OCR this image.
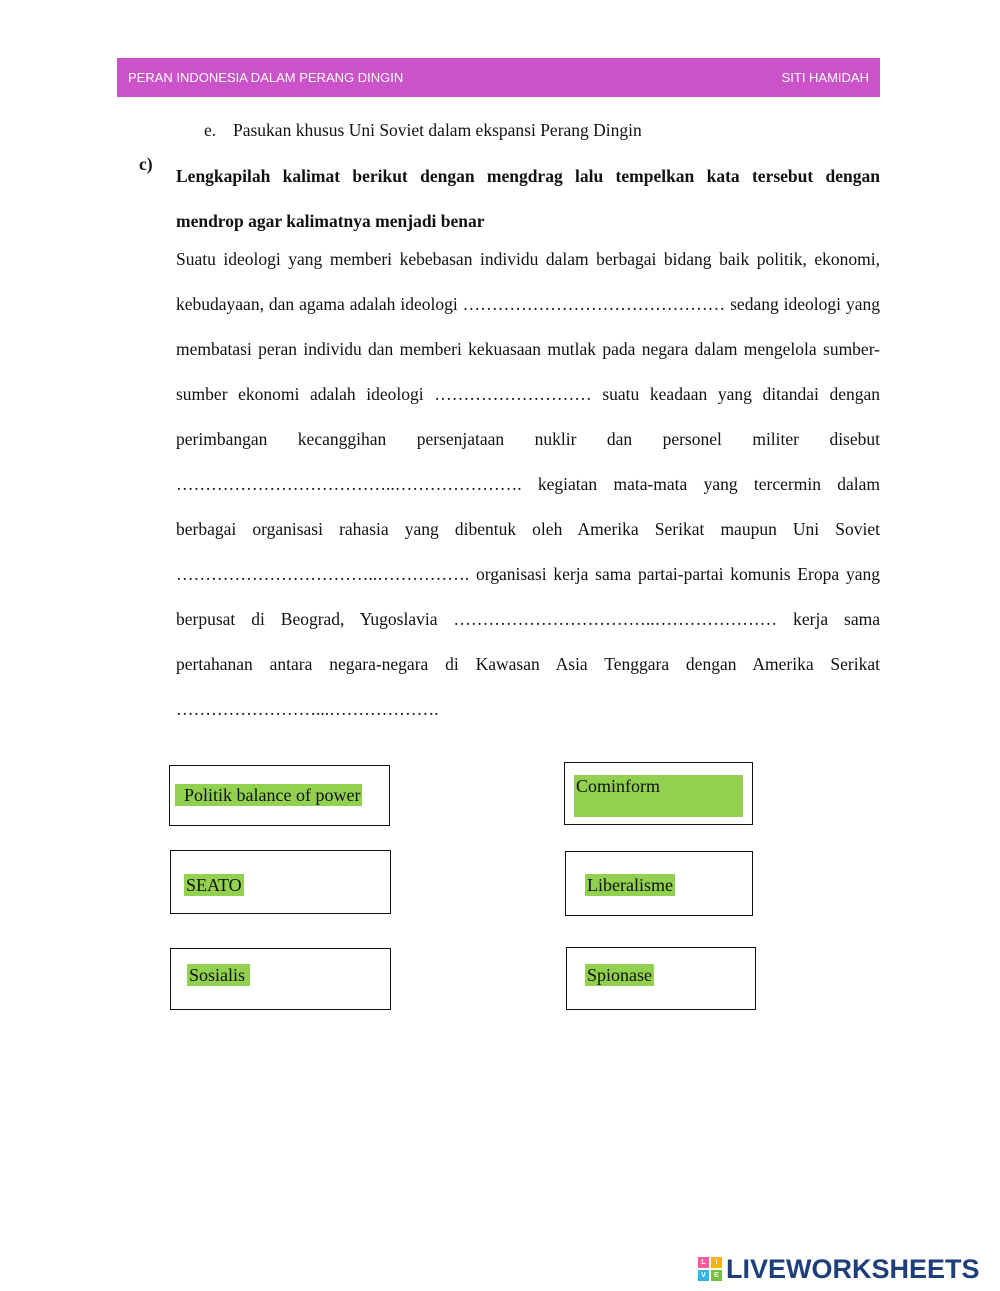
PERAN INDONESIA DALAM PERANG DINGIN	SITI HAMIDAH
e. Pasukan khusus Uni Soviet dalam ekspansi Perang Dingin
c)
Lengkapilah kalimat berikut dengan mengdrag lalu tempelkan kata tersebut dengan mendrop agar kalimatnya menjadi benar
Suatu ideologi yang memberi kebebasan individu dalam berbagai bidang baik politik, ekonomi, kebudayaan, dan agama adalah ideologi ……………………………………… sedang ideologi yang membatasi peran individu dan memberi kekuasaan mutlak pada negara dalam mengelola sumber-sumber ekonomi adalah ideologi ……………………… suatu keadaan yang ditandai dengan perimbangan kecanggihan persenjataan nuklir dan personel militer disebut ………………………………..…………………. kegiatan mata-mata yang tercermin dalam berbagai organisasi rahasia yang dibentuk oleh Amerika Serikat maupun Uni Soviet ……………………………..……………. organisasi kerja sama partai-partai komunis Eropa yang berpusat di Beograd, Yugoslavia ……………………………..………………… kerja sama pertahanan antara negara-negara di Kawasan Asia Tenggara dengan Amerika Serikat ……………………...……………….
Politik balance of power	Cominform
SEATO	Liberalisme
Sosialis	Spionase
L	I
V	E LIVEWORKSHEETS
